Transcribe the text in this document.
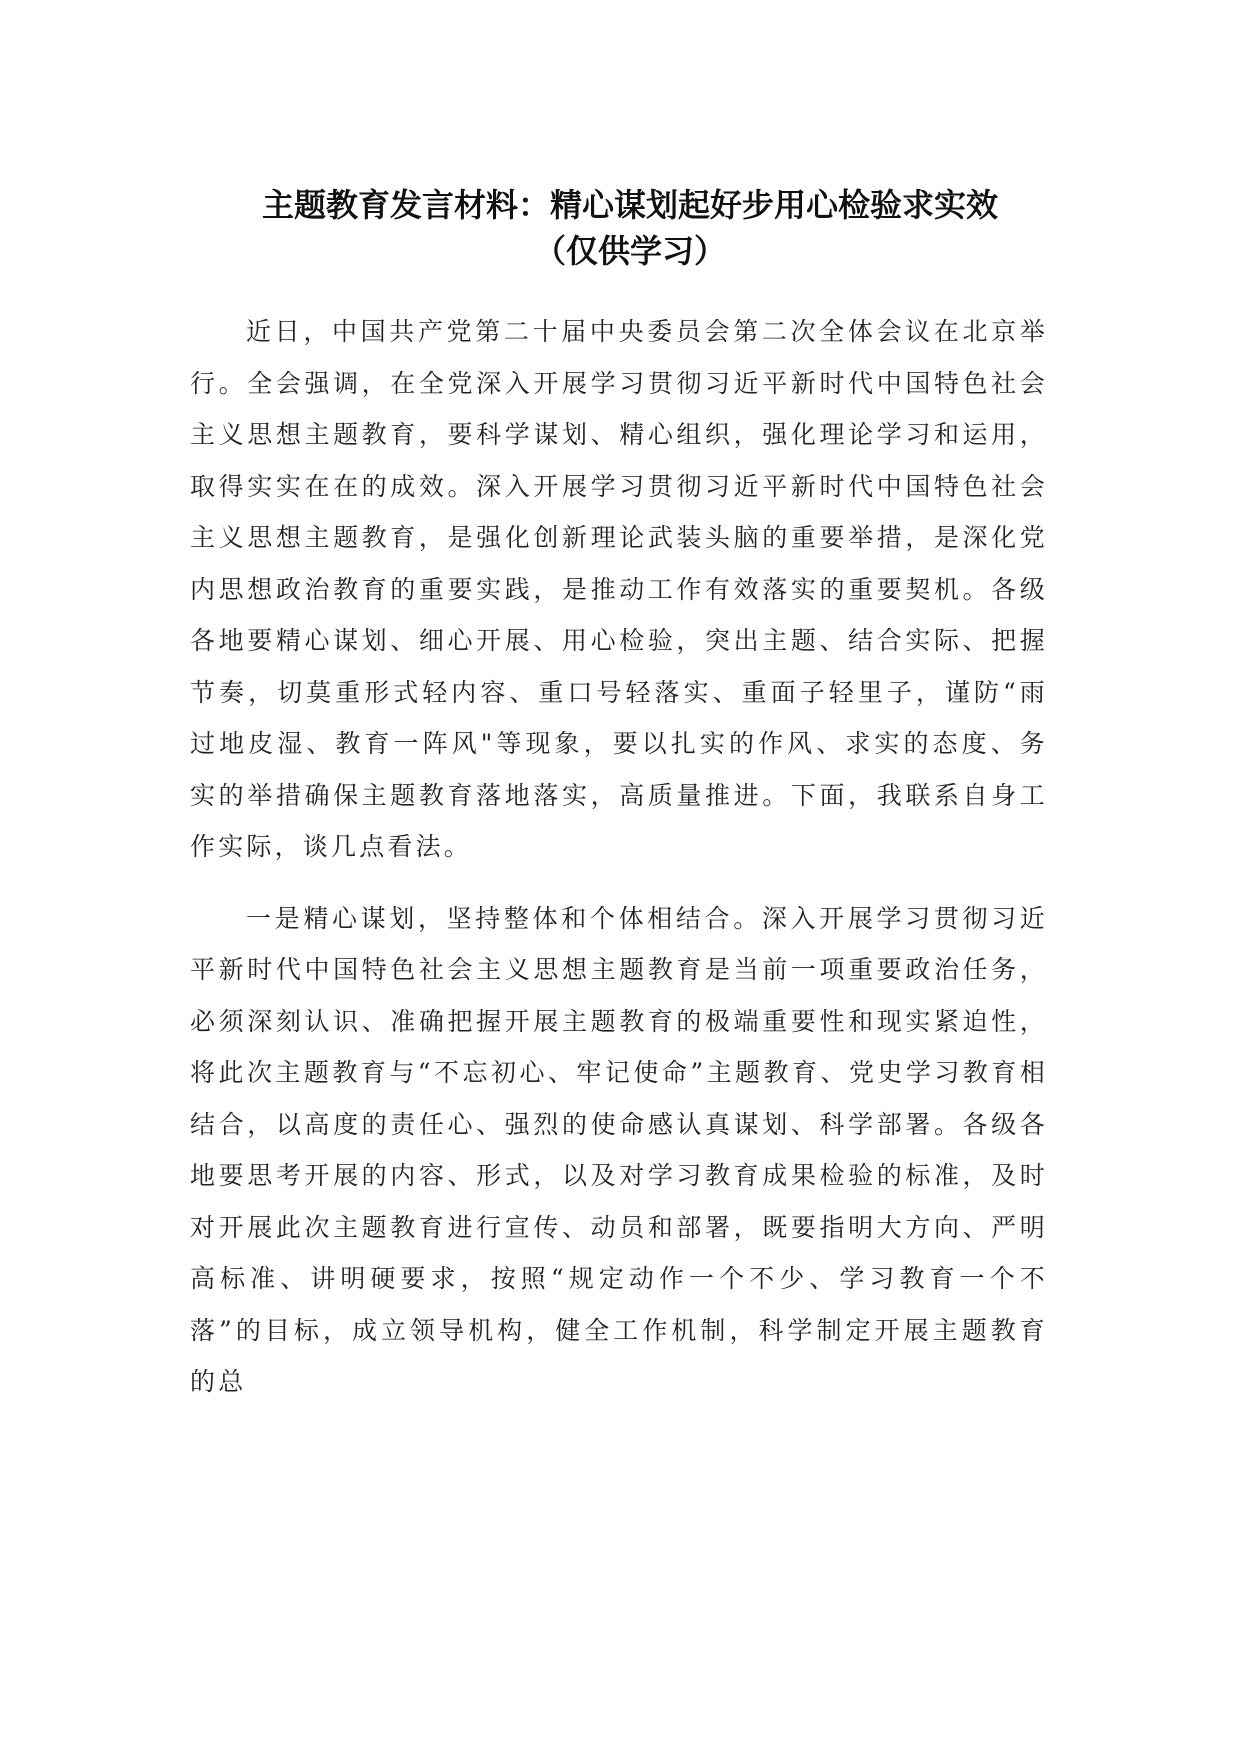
主题教育发言材料：精心谋划起好步用心检验求实效
（仅供学习）

近日，中国共产党第二十届中央委员会第二次全体会议在北京举行。全会强调，在全党深入开展学习贯彻习近平新时代中国特色社会主义思想主题教育，要科学谋划、精心组织，强化理论学习和运用，取得实实在在的成效。深入开展学习贯彻习近平新时代中国特色社会主义思想主题教育，是强化创新理论武装头脑的重要举措，是深化党内思想政治教育的重要实践，是推动工作有效落实的重要契机。各级各地要精心谋划、细心开展、用心检验，突出主题、结合实际、把握节奏，切莫重形式轻内容、重口号轻落实、重面子轻里子，谨防“雨过地皮湿、教育一阵风"等现象，要以扎实的作风、求实的态度、务实的举措确保主题教育落地落实，高质量推进。下面，我联系自身工作实际，谈几点看法。

一是精心谋划，坚持整体和个体相结合。深入开展学习贯彻习近平新时代中国特色社会主义思想主题教育是当前一项重要政治任务，必须深刻认识、准确把握开展主题教育的极端重要性和现实紧迫性，将此次主题教育与“不忘初心、牢记使命”主题教育、党史学习教育相结合，以高度的责任心、强烈的使命感认真谋划、科学部署。各级各地要思考开展的内容、形式，以及对学习教育成果检验的标准，及时对开展此次主题教育进行宣传、动员和部署，既要指明大方向、严明高标准、讲明硬要求，按照“规定动作一个不少、学习教育一个不落”的目标，成立领导机构，健全工作机制，科学制定开展主题教育的总
